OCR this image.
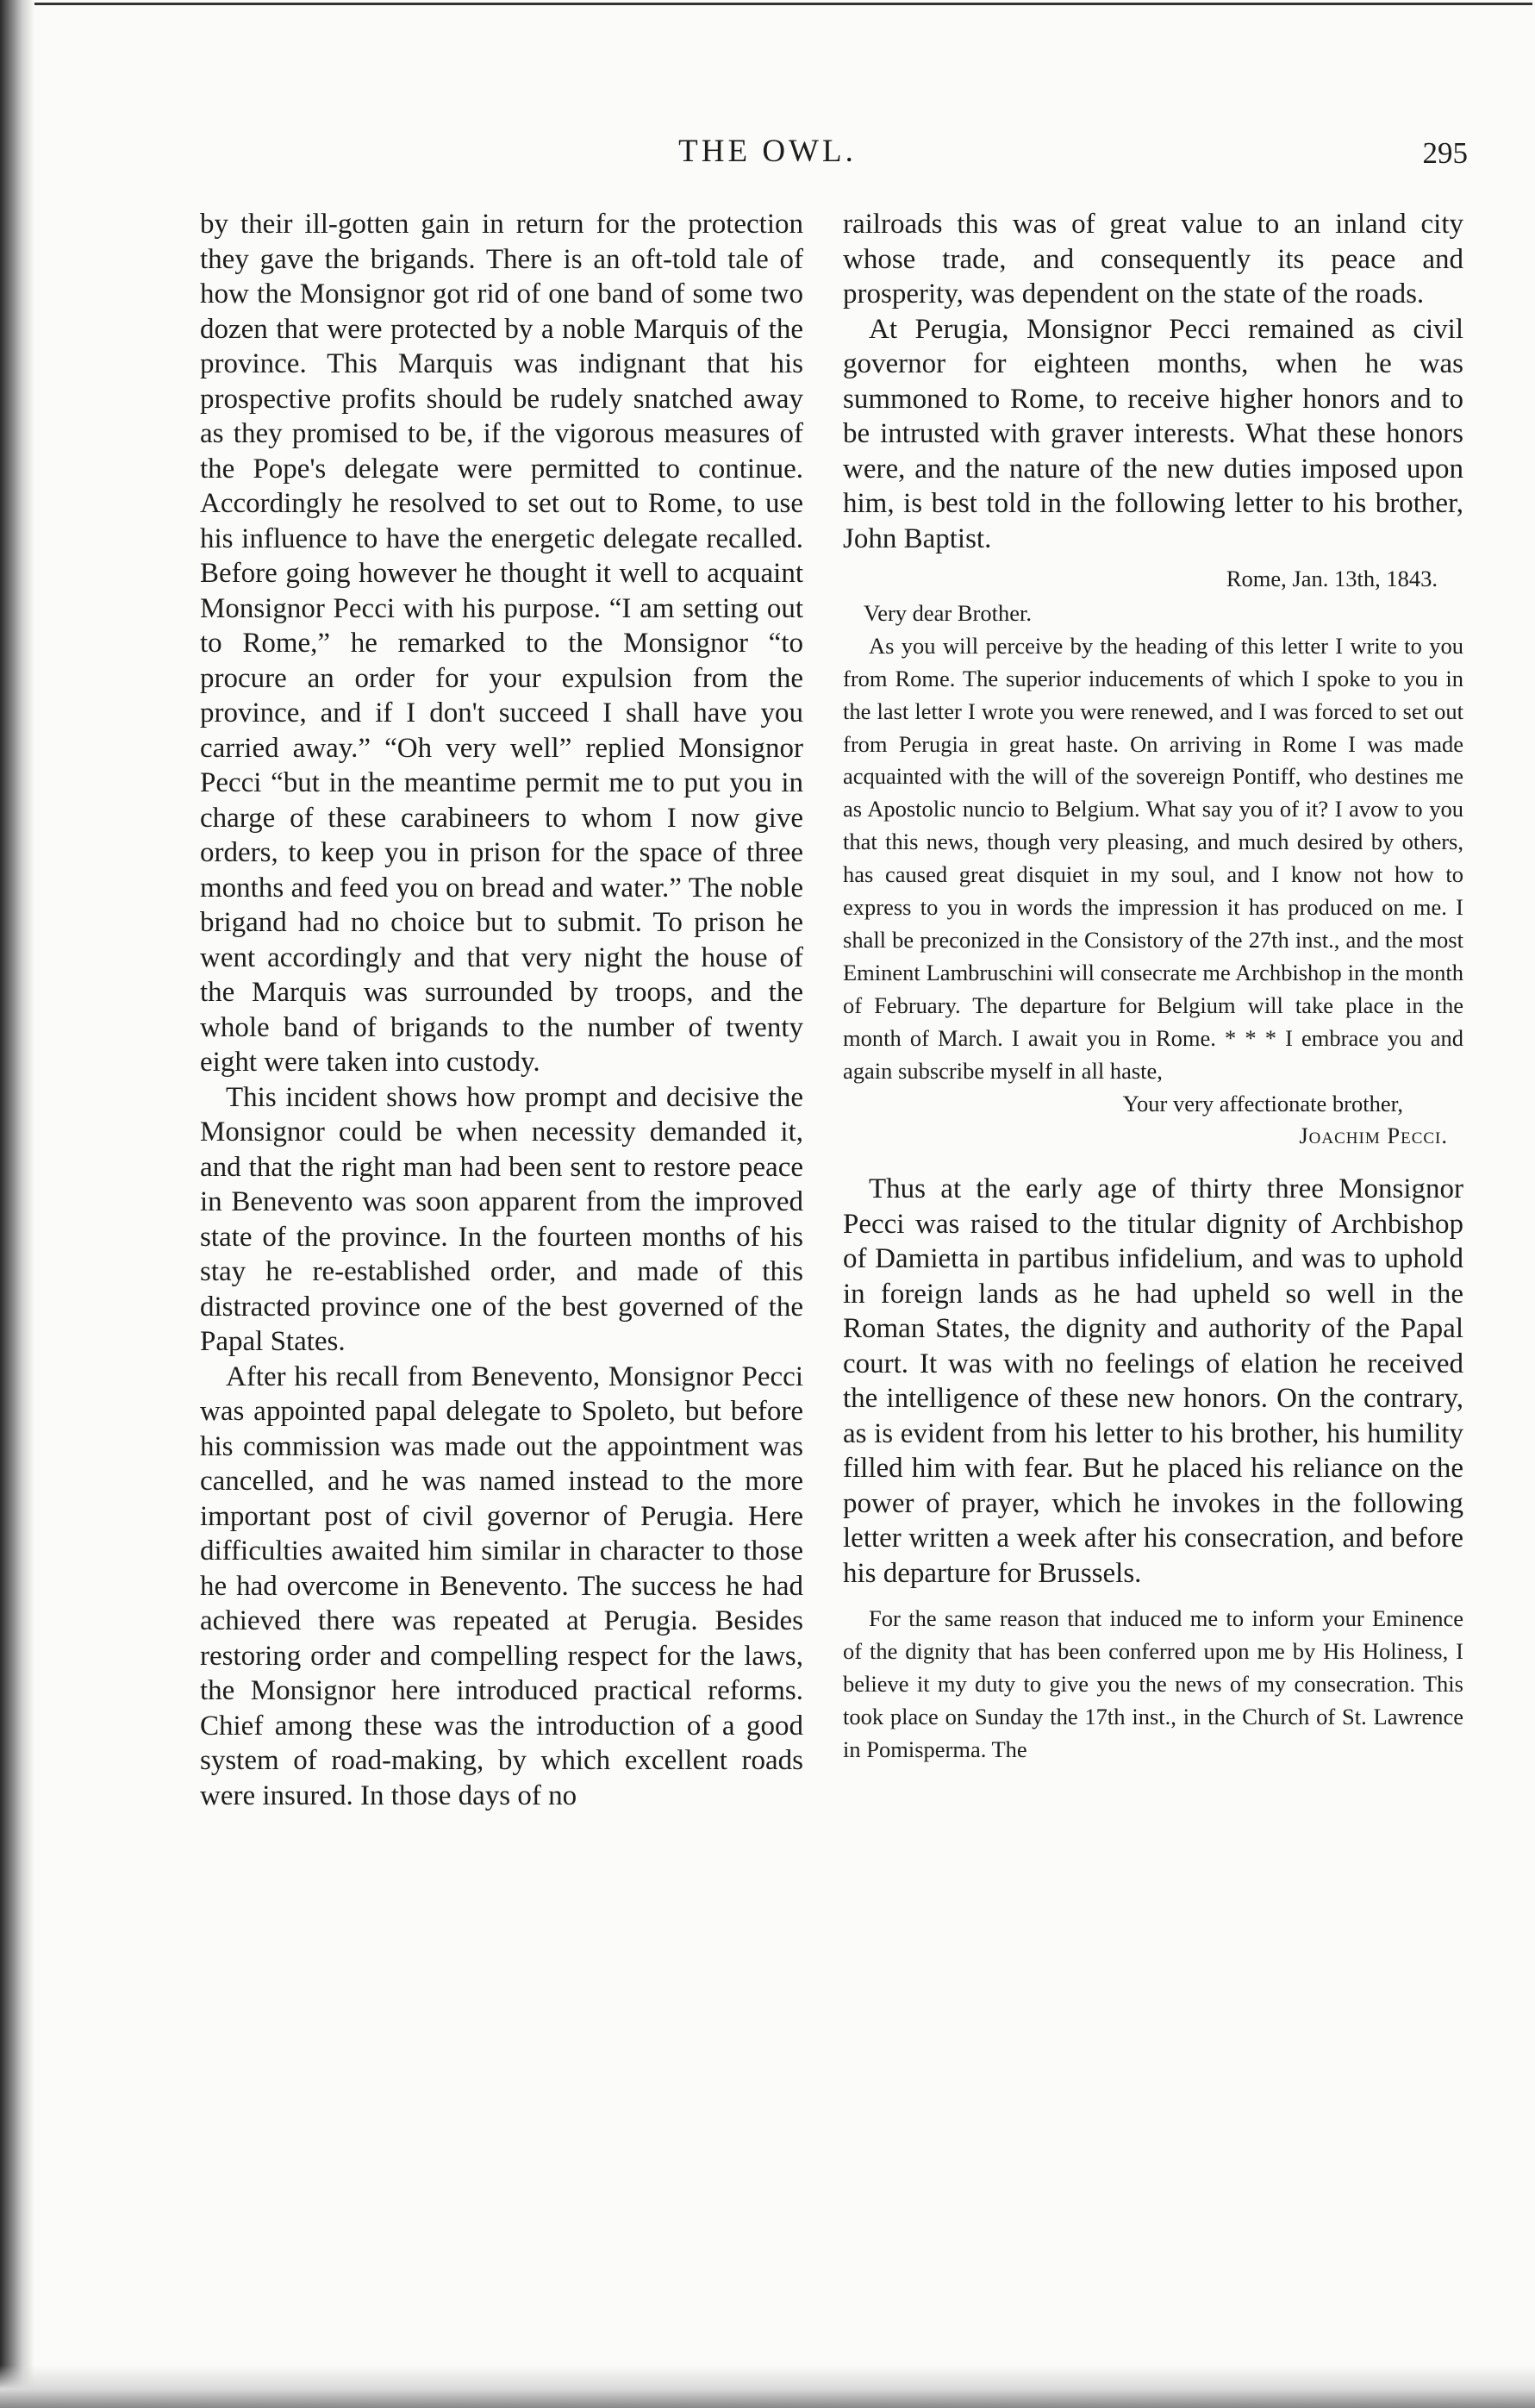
THE OWL.	295

by their ill-gotten gain in return for the protection they gave the brigands. There is an oft-told tale of how the Monsignor got rid of one band of some two dozen that were protected by a noble Marquis of the province. This Marquis was indignant that his prospective profits should be rudely snatched away as they promised to be, if the vigorous measures of the Pope's delegate were permitted to continue. Accordingly he resolved to set out to Rome, to use his influence to have the energetic delegate recalled. Before going however he thought it well to acquaint Monsignor Pecci with his purpose. “I am setting out to Rome,” he remarked to the Monsignor “to procure an order for your expulsion from the province, and if I don't succeed I shall have you carried away.” “Oh very well” replied Monsignor Pecci “but in the meantime permit me to put you in charge of these carabineers to whom I now give orders, to keep you in prison for the space of three months and feed you on bread and water.” The noble brigand had no choice but to submit. To prison he went accordingly and that very night the house of the Marquis was surrounded by troops, and the whole band of brigands to the number of twenty eight were taken into custody.

This incident shows how prompt and decisive the Monsignor could be when necessity demanded it, and that the right man had been sent to restore peace in Benevento was soon apparent from the improved state of the province. In the fourteen months of his stay he re-established order, and made of this distracted province one of the best governed of the Papal States.

After his recall from Benevento, Monsignor Pecci was appointed papal delegate to Spoleto, but before his commission was made out the appointment was cancelled, and he was named instead to the more important post of civil governor of Perugia. Here difficulties awaited him similar in character to those he had overcome in Benevento. The success he had achieved there was repeated at Perugia. Besides restoring order and compelling respect for the laws, the Monsignor here introduced practical reforms. Chief among these was the introduction of a good system of road-making, by which excellent roads were insured. In those days of no

railroads this was of great value to an inland city whose trade, and consequently its peace and prosperity, was dependent on the state of the roads.

At Perugia, Monsignor Pecci remained as civil governor for eighteen months, when he was summoned to Rome, to receive higher honors and to be intrusted with graver interests. What these honors were, and the nature of the new duties imposed upon him, is best told in the following letter to his brother, John Baptist.

Rome, Jan. 13th, 1843.

Very dear Brother.

As you will perceive by the heading of this letter I write to you from Rome. The superior inducements of which I spoke to you in the last letter I wrote you were renewed, and I was forced to set out from Perugia in great haste. On arriving in Rome I was made acquainted with the will of the sovereign Pontiff, who destines me as Apostolic nuncio to Belgium. What say you of it? I avow to you that this news, though very pleasing, and much desired by others, has caused great disquiet in my soul, and I know not how to express to you in words the impression it has produced on me. I shall be preconized in the Consistory of the 27th inst., and the most Eminent Lambruschini will consecrate me Archbishop in the month of February. The departure for Belgium will take place in the month of March. I await you in Rome. * * * I embrace you and again subscribe myself in all haste,

Your very affectionate brother,

Joachim Pecci.

Thus at the early age of thirty three Monsignor Pecci was raised to the titular dignity of Archbishop of Damietta in partibus infidelium, and was to uphold in foreign lands as he had upheld so well in the Roman States, the dignity and authority of the Papal court. It was with no feelings of elation he received the intelligence of these new honors. On the contrary, as is evident from his letter to his brother, his humility filled him with fear. But he placed his reliance on the power of prayer, which he invokes in the following letter written a week after his consecration, and before his departure for Brussels.

For the same reason that induced me to inform your Eminence of the dignity that has been conferred upon me by His Holiness, I believe it my duty to give you the news of my consecration. This took place on Sunday the 17th inst., in the Church of St. Lawrence in Pomisperma. The
